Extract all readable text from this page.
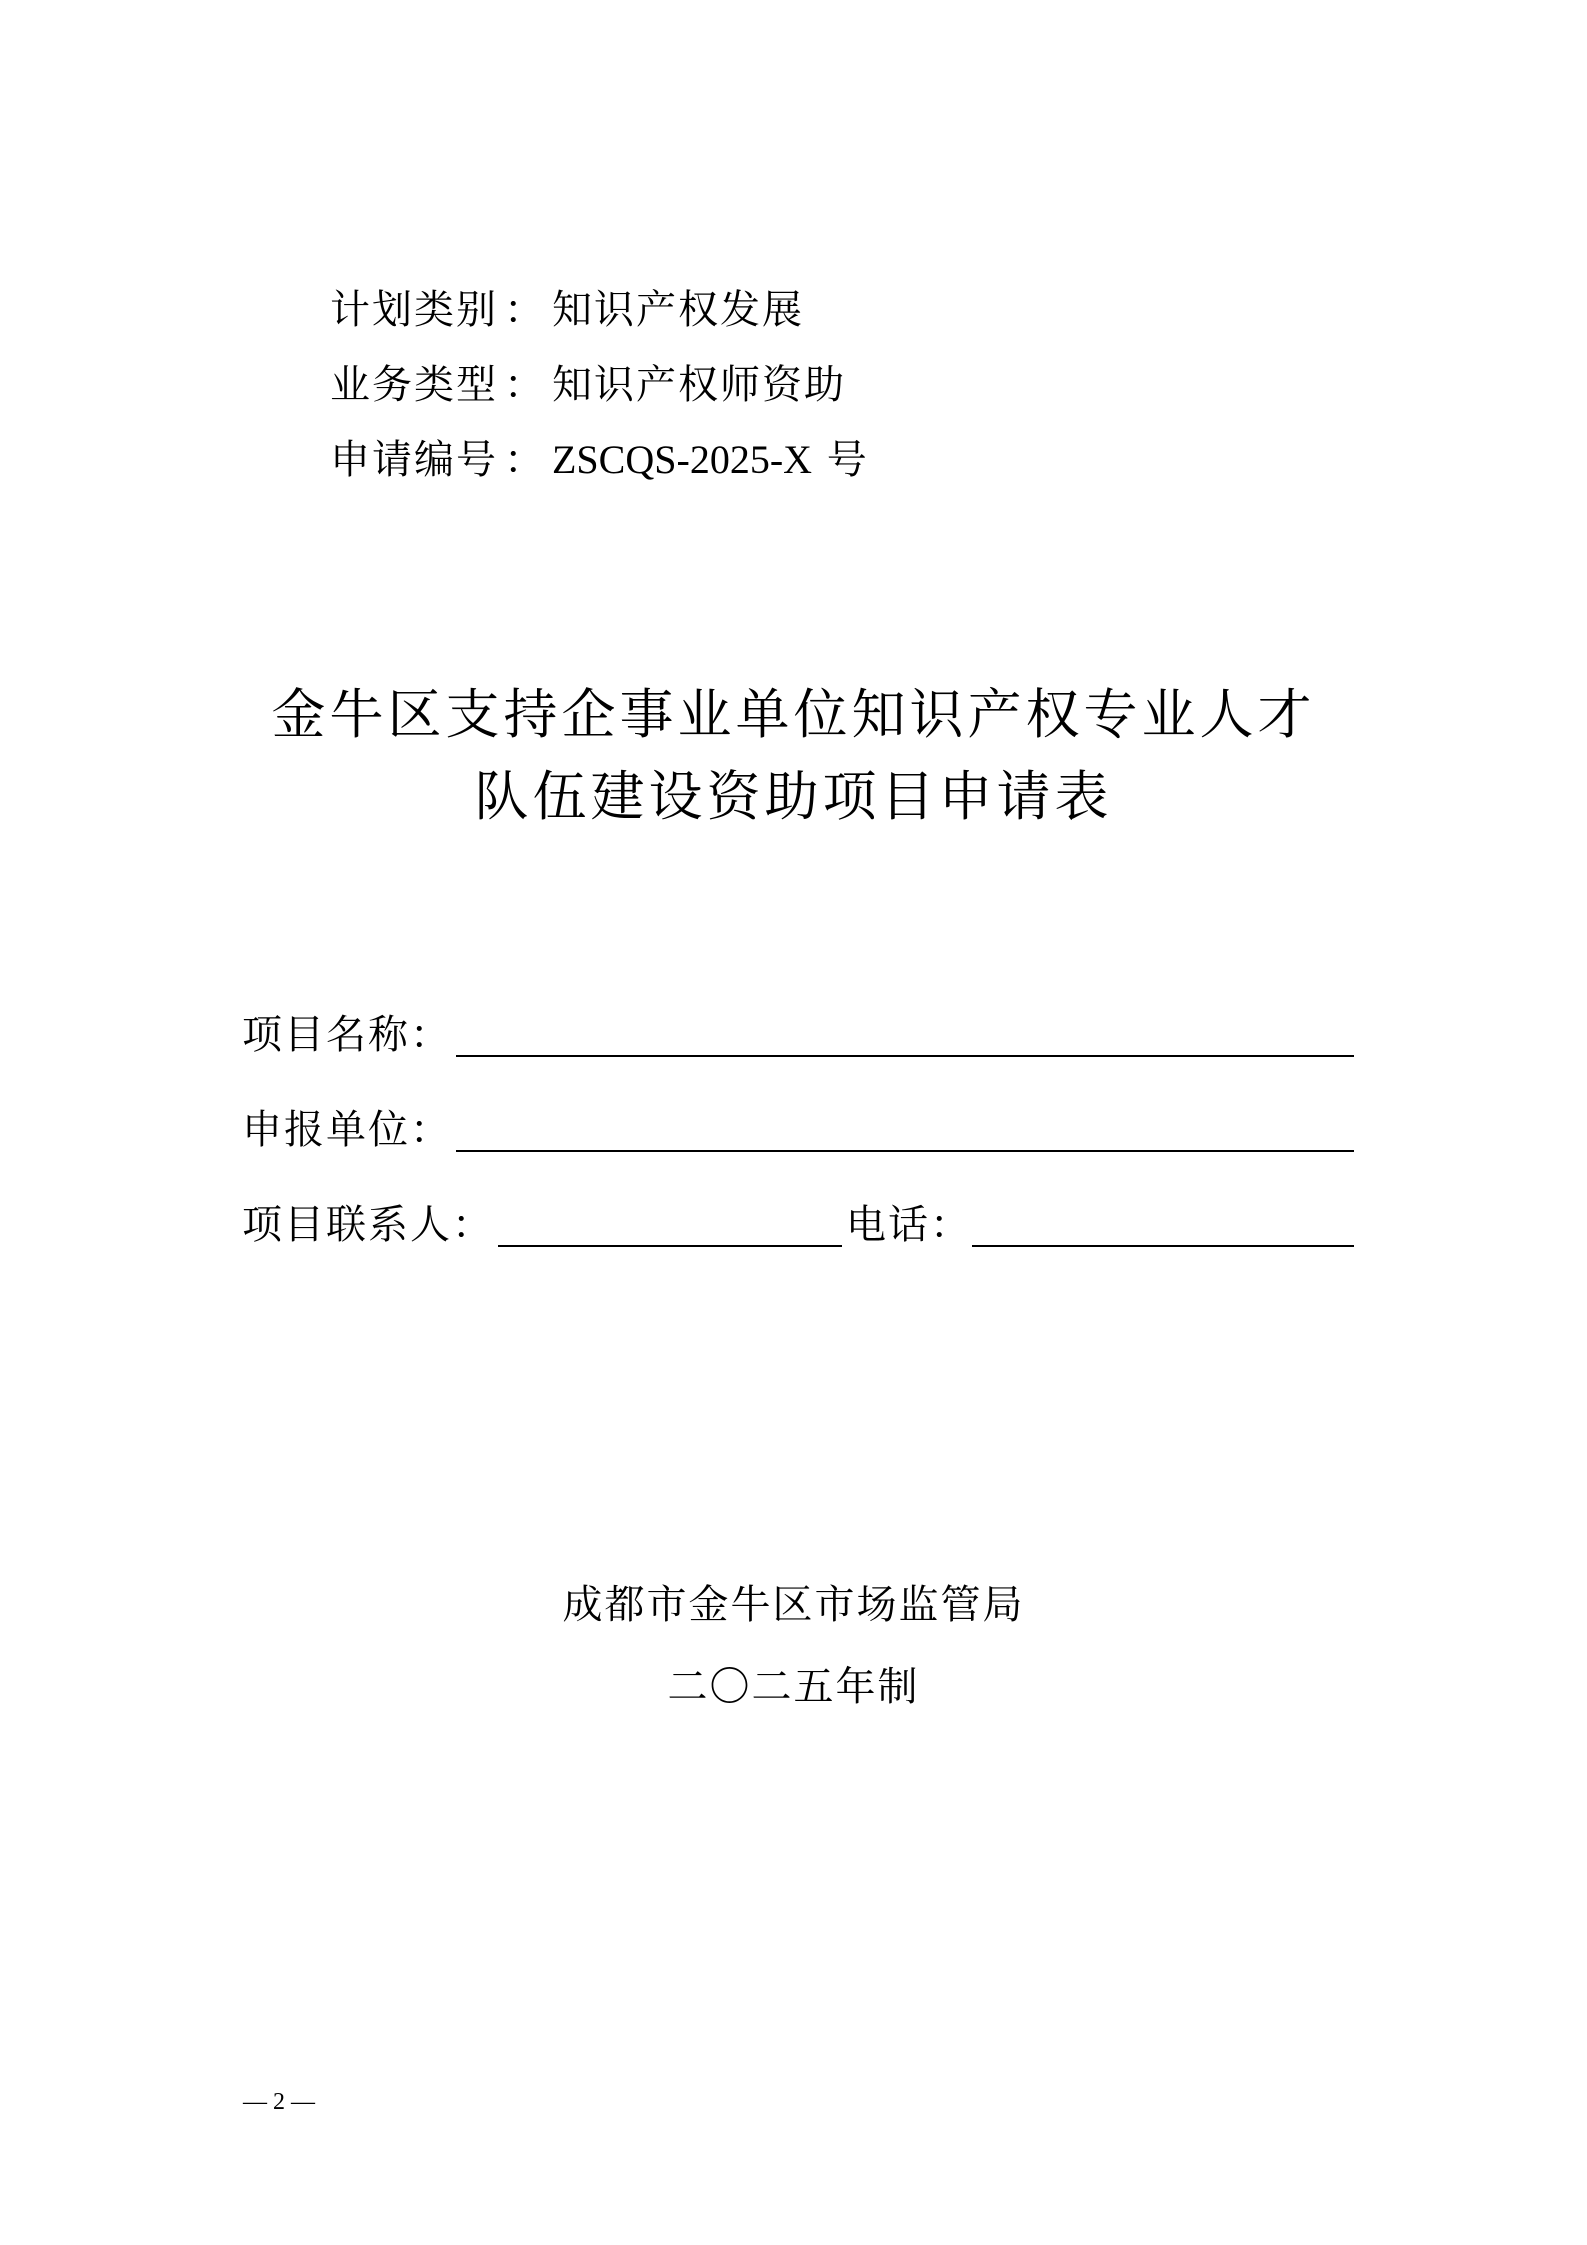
计划类别 ： 知识产权发展
业务类型 ： 知识产权师资助
申请编号 ： ZSCQS-2025-X 号
金牛区支持企事业单位知识产权专业人才
队伍建设资助项目申请表
项目名称：
申报单位：
项目联系人：	电话：
成都市金牛区市场监管局
二〇二五年制
— 2 —
